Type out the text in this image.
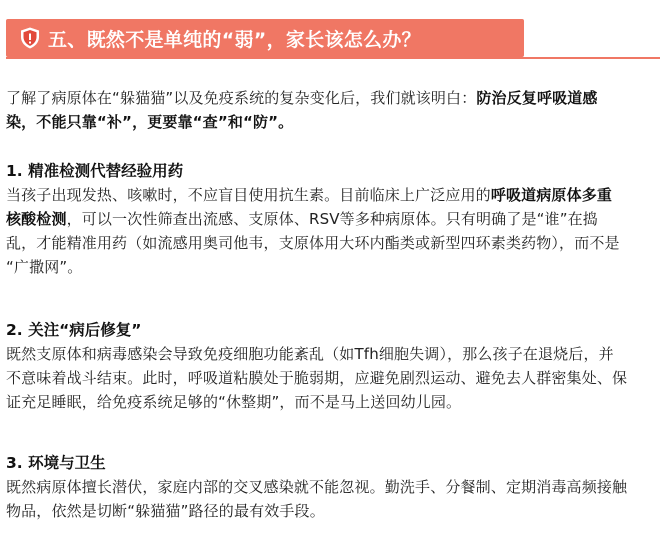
五、既然不是单纯的“弱”，家长该怎么办？
了解了病原体在“躲猫猫”以及免疫系统的复杂变化后，我们就该明白：防治反复呼吸道感
染，不能只靠“补”，更要靠“查”和“防”。
1. 精准检测代替经验用药
当孩子出现发热、咳嗽时，不应盲目使用抗生素。目前临床上广泛应用的呼吸道病原体多重
核酸检测，可以一次性筛查出流感、支原体、RSV等多种病原体。只有明确了是“谁”在捣
乱，才能精准用药（如流感用奥司他韦，支原体用大环内酯类或新型四环素类药物），而不是
“广撒网”。
2. 关注“病后修复”
既然支原体和病毒感染会导致免疫细胞功能紊乱（如Tfh细胞失调），那么孩子在退烧后，并
不意味着战斗结束。此时，呼吸道粘膜处于脆弱期，应避免剧烈运动、避免去人群密集处、保
证充足睡眠，给免疫系统足够的“休整期”，而不是马上送回幼儿园。
3. 环境与卫生
既然病原体擅长潜伏，家庭内部的交叉感染就不能忽视。勤洗手、分餐制、定期消毒高频接触
物品，依然是切断“躲猫猫”路径的最有效手段。
